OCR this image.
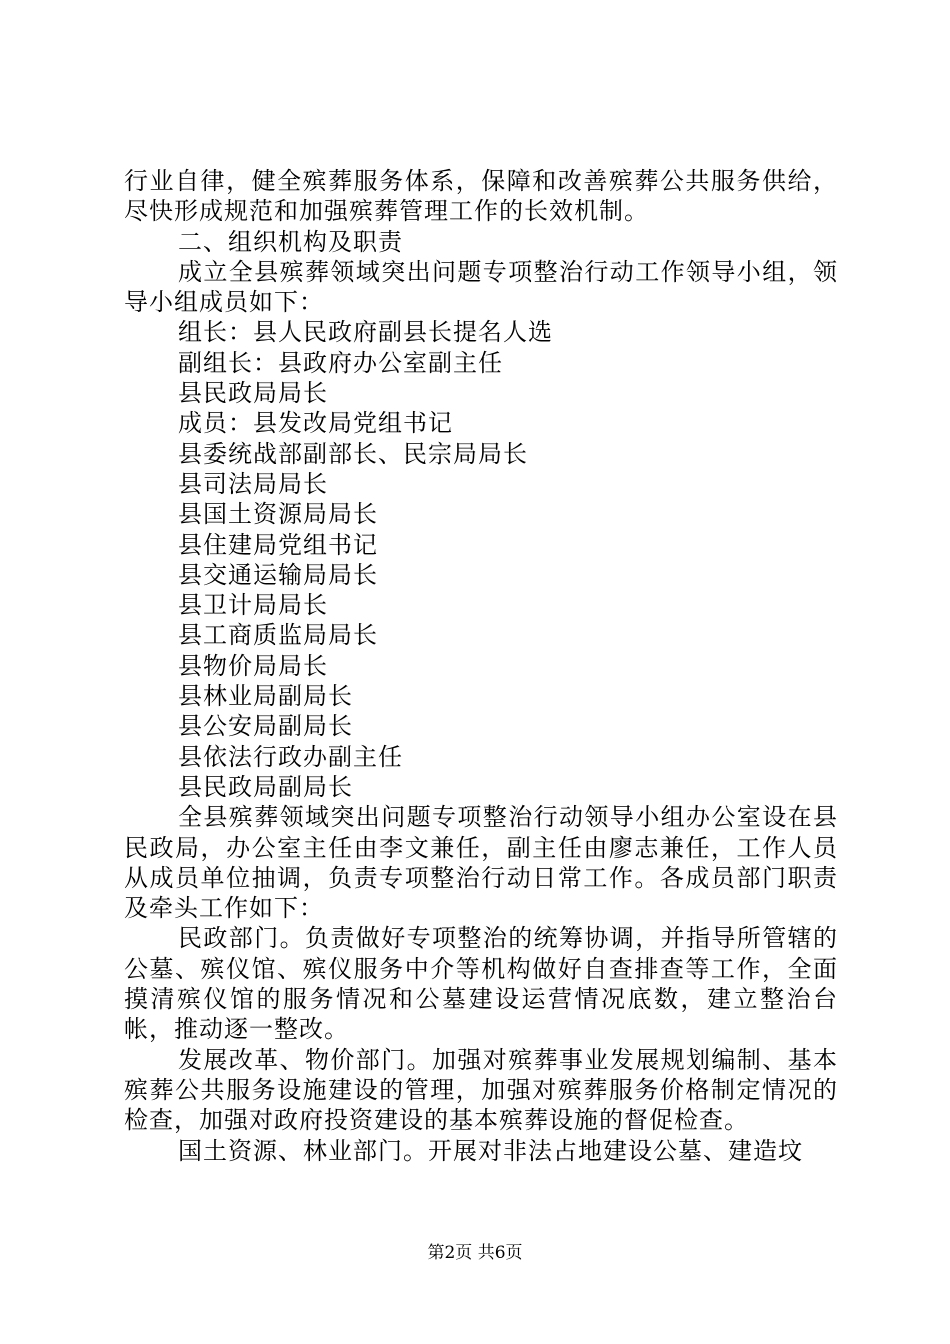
行业自律，健全殡葬服务体系，保障和改善殡葬公共服务供给，尽快形成规范和加强殡葬管理工作的长效机制。

二、组织机构及职责

成立全县殡葬领域突出问题专项整治行动工作领导小组，领导小组成员如下：

组长：县人民政府副县长提名人选
副组长：县政府办公室副主任
县民政局局长
成员：县发改局党组书记
县委统战部副部长、民宗局局长
县司法局局长
县国土资源局局长
县住建局党组书记
县交通运输局局长
县卫计局局长
县工商质监局局长
县物价局局长
县林业局副局长
县公安局副局长
县依法行政办副主任
县民政局副局长

全县殡葬领域突出问题专项整治行动领导小组办公室设在县民政局，办公室主任由李文兼任，副主任由廖志兼任，工作人员从成员单位抽调，负责专项整治行动日常工作。各成员部门职责及牵头工作如下：

民政部门。负责做好专项整治的统筹协调，并指导所管辖的公墓、殡仪馆、殡仪服务中介等机构做好自查排查等工作，全面摸清殡仪馆的服务情况和公墓建设运营情况底数，建立整治台帐，推动逐一整改。

发展改革、物价部门。加强对殡葬事业发展规划编制、基本殡葬公共服务设施建设的管理，加强对殡葬服务价格制定情况的检查，加强对政府投资建设的基本殡葬设施的督促检查。

国土资源、林业部门。开展对非法占地建设公墓、建造坟

第2页 共6页
